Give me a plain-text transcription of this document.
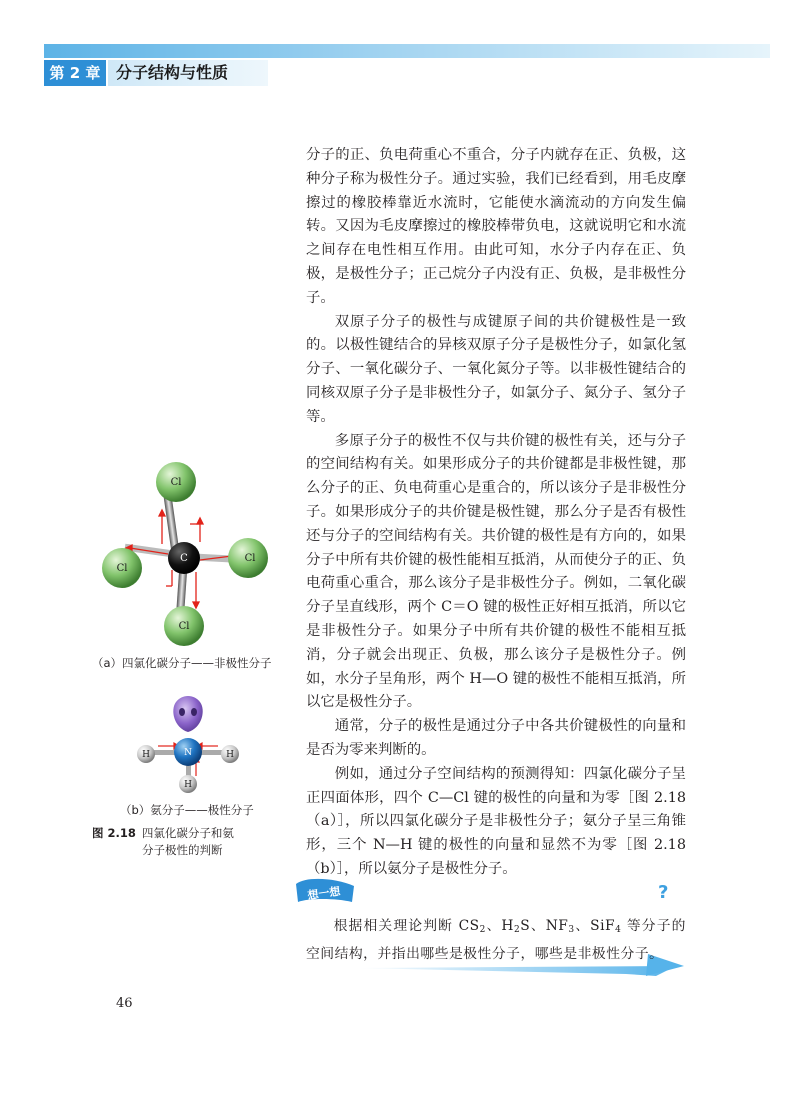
第 2 章 分子结构与性质

分子的正、负电荷重心不重合，分子内就存在正、负极，这种分子称为极性分子。通过实验，我们已经看到，用毛皮摩擦过的橡胶棒靠近水流时，它能使水滴流动的方向发生偏转。又因为毛皮摩擦过的橡胶棒带负电，这就说明它和水流之间存在电性相互作用。由此可知，水分子内存在正、负极，是极性分子；正己烷分子内没有正、负极，是非极性分子。

双原子分子的极性与成键原子间的共价键极性是一致的。以极性键结合的异核双原子分子是极性分子，如氯化氢分子、一氧化碳分子、一氧化氮分子等。以非极性键结合的同核双原子分子是非极性分子，如氯分子、氮分子、氢分子等。

多原子分子的极性不仅与共价键的极性有关，还与分子的空间结构有关。如果形成分子的共价键都是非极性键，那么分子的正、负电荷重心是重合的，所以该分子是非极性分子。如果形成分子的共价键是极性键，那么分子是否有极性还与分子的空间结构有关。共价键的极性是有方向的，如果分子中所有共价键的极性能相互抵消，从而使分子的正、负电荷重心重合，那么该分子是非极性分子。例如，二氧化碳分子呈直线形，两个 C＝O 键的极性正好相互抵消，所以它是非极性分子。如果分子中所有共价键的极性不能相互抵消，分子就会出现正、负极，那么该分子是极性分子。例如，水分子呈角形，两个 H—O 键的极性不能相互抵消，所以它是极性分子。

通常，分子的极性是通过分子中各共价键极性的向量和是否为零来判断的。

例如，通过分子空间结构的预测得知：四氯化碳分子呈正四面体形，四个 C—Cl 键的极性的向量和为零［图 2.18（a）］，所以四氯化碳分子是非极性分子；氨分子呈三角锥形，三个 N—H 键的极性的向量和显然不为零［图 2.18（b）］，所以氨分子是极性分子。

Cl
Cl
Cl
Cl
C
（a）四氯化碳分子——非极性分子
N
H	H
H
（b）氨分子——极性分子
图 2.18 四氯化碳分子和氨
分子极性的判断
想一想	?

根据相关理论判断 $CS_2$、$H_2S$、$NF_3$、SiF$_4$ 等分子的空间结构，并指出哪些是极性分子，哪些是非极性分子。

46
